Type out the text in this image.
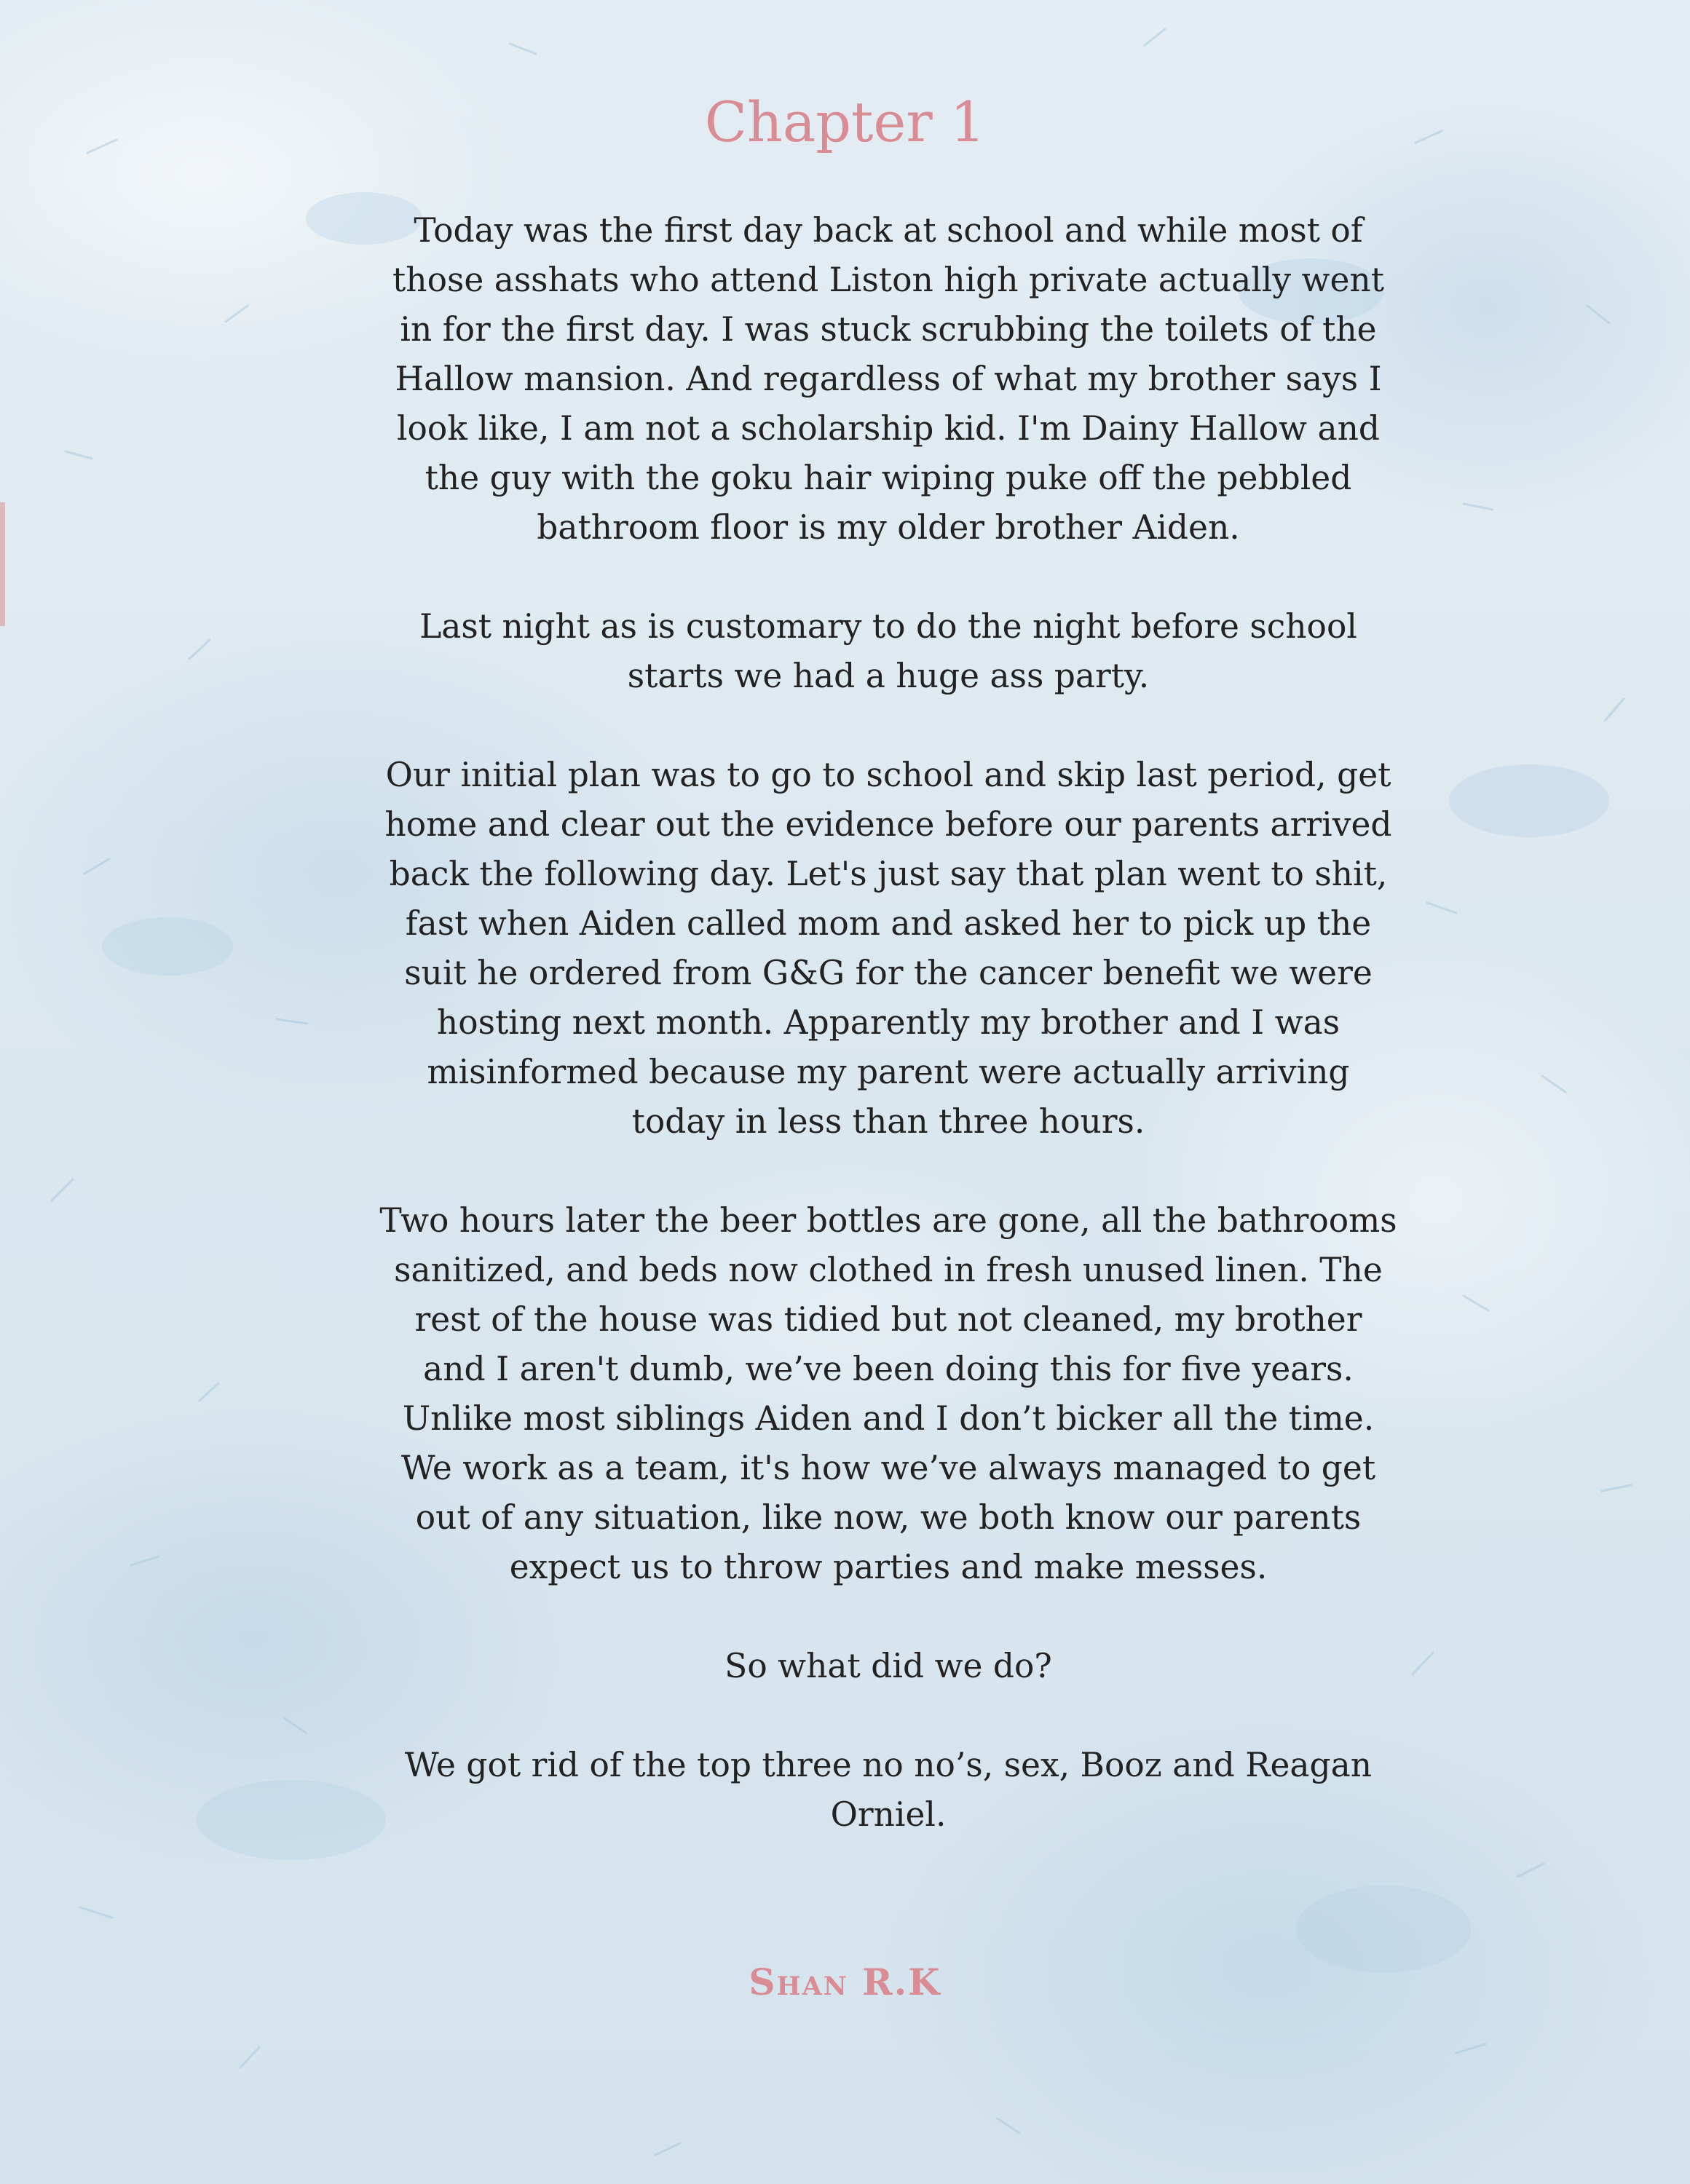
Chapter 1

Today was the first day back at school and while most of those asshats who attend Liston high private actually went in for the first day. I was stuck scrubbing the toilets of the Hallow mansion. And regardless of what my brother says I look like, I am not a scholarship kid. I'm Dainy Hallow and the guy with the goku hair wiping puke off the pebbled bathroom floor is my older brother Aiden.

Last night as is customary to do the night before school starts we had a huge ass party.

Our initial plan was to go to school and skip last period, get home and clear out the evidence before our parents arrived back the following day. Let's just say that plan went to shit, fast when Aiden called mom and asked her to pick up the suit he ordered from G&G for the cancer benefit we were hosting next month. Apparently my brother and I was misinformed because my parent were actually arriving today in less than three hours.

Two hours later the beer bottles are gone, all the bathrooms sanitized, and beds now clothed in fresh unused linen. The rest of the house was tidied but not cleaned, my brother and I aren't dumb, we’ve been doing this for five years. Unlike most siblings Aiden and I don’t bicker all the time. We work as a team, it's how we’ve always managed to get out of any situation, like now, we both know our parents expect us to throw parties and make messes.

So what did we do?

We got rid of the top three no no’s, sex, Booz and Reagan Orniel.

Shan R.K
